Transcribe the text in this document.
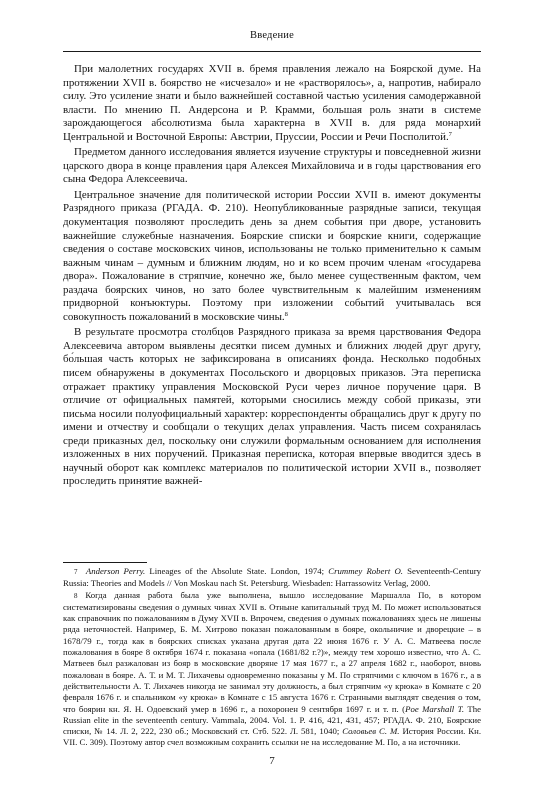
Введение

При малолетних государях XVII в. бремя правления лежало на Боярской думе. На протяжении XVII в. боярство не «исчезало» и не «растворялось», а, напротив, набирало силу. Это усиление знати и было важнейшей составной частью усиления самодержавной власти. По мнению П. Андерсона и Р. Крамми, большая роль знати в системе зарождающегося абсолютизма была характерна в XVII в. для ряда монархий Центральной и Восточной Европы: Австрии, Пруссии, России и Речи Посполитой.$^7$

Предметом данного исследования является изучение структуры и повседневной жизни царского двора в конце правления царя Алексея Михайловича и в годы царствования его сына Федора Алексеевича.

Центральное значение для политической истории России XVII в. имеют документы Разрядного приказа (РГАДА. Ф. 210). Неопубликованные разрядные записи, текущая документация позволяют проследить день за днем события при дворе, установить важнейшие служебные назначения. Боярские списки и боярские книги, содержащие сведения о составе московских чинов, использованы не только применительно к самым важным чинам – думным и ближним людям, но и ко всем прочим членам «государева двора». Пожалование в стряпчие, конечно же, было менее существенным фактом, чем раздача боярских чинов, но зато более чувствительным к малейшим изменениям придворной конъюктуры. Поэтому при изложении событий учитывалась вся совокупность пожалований в московские чины.$^8$

В результате просмотра столбцов Разрядного приказа за время царствования Федора Алексеевича автором выявлены десятки писем думных и ближних людей друг другу, бо́льшая часть которых не зафиксирована в описаниях фонда. Несколько подобных писем обнаружены в документах Посольского и дворцовых приказов. Эта переписка отражает практику управления Московской Руси через личное поручение царя. В отличие от официальных памятей, которыми сносились между собой приказы, эти письма носили полуофициальный характер: корреспонденты обращались друг к другу по имени и отчеству и сообщали о текущих делах управления. Часть писем сохранялась среди приказных дел, поскольку они служили формальным основанием для исполнения изложенных в них поручений. Приказная переписка, которая впервые вводится здесь в научный оборот как комплекс материалов по политической истории XVII в., позволяет проследить принятие важней-

7 Anderson Perry. Lineages of the Absolute State. London, 1974; Crummey Robert O. Seventeenth-Century Russia: Theories and Models // Von Moskau nach St. Petersburg. Wiesbaden: Harrassowitz Verlag, 2000.

8 Когда данная работа была уже выполнена, вышло исследование Маршалла По, в котором систематизированы сведения о думных чинах XVII в. Отныне капитальный труд М. По может использоваться как справочник по пожалованиям в Думу XVII в. Впрочем, сведения о думных пожалованиях здесь не лишены ряда неточностей. Например, Б. М. Хитрово показан пожалованным в бояре, окольничие и дворецкие – в 1678/79 г., тогда как в боярских списках указана другая дата 22 июня 1676 г. У А. С. Матвеева после пожалования в бояре 8 октября 1674 г. показана «опала (1681/82 г.?)», между тем хорошо известно, что А. С. Матвеев был разжалован из бояр в московские дворяне 17 мая 1677 г., а 27 апреля 1682 г., наоборот, вновь пожалован в бояре. А. Т. и М. Т. Лихачевы одновременно показаны у М. По стряпчими с ключом в 1676 г., а в действительности А. Т. Лихачев никогда не занимал эту должность, а был стряпчим «у крюка» в Комнате с 20 февраля 1676 г. и спальником «у крюка» в Комнате с 15 августа 1676 г. Странными выглядят сведения о том, что боярин кн. Я. Н. Одоевский умер в 1696 г., а похоронен 9 сентября 1697 г. и т. п. (Poe Marshall T. The Russian elite in the seventeenth century. Vammala, 2004. Vol. 1. P. 416, 421, 431, 457; РГАДА. Ф. 210, Боярские списки, № 14. Л. 2, 222, 230 об.; Московский ст. Стб. 522. Л. 581, 1040; Соловьев С. М. История России. Кн. VII. С. 309). Поэтому автор счел возможным сохранить ссылки не на исследование М. По, а на источники.

7
